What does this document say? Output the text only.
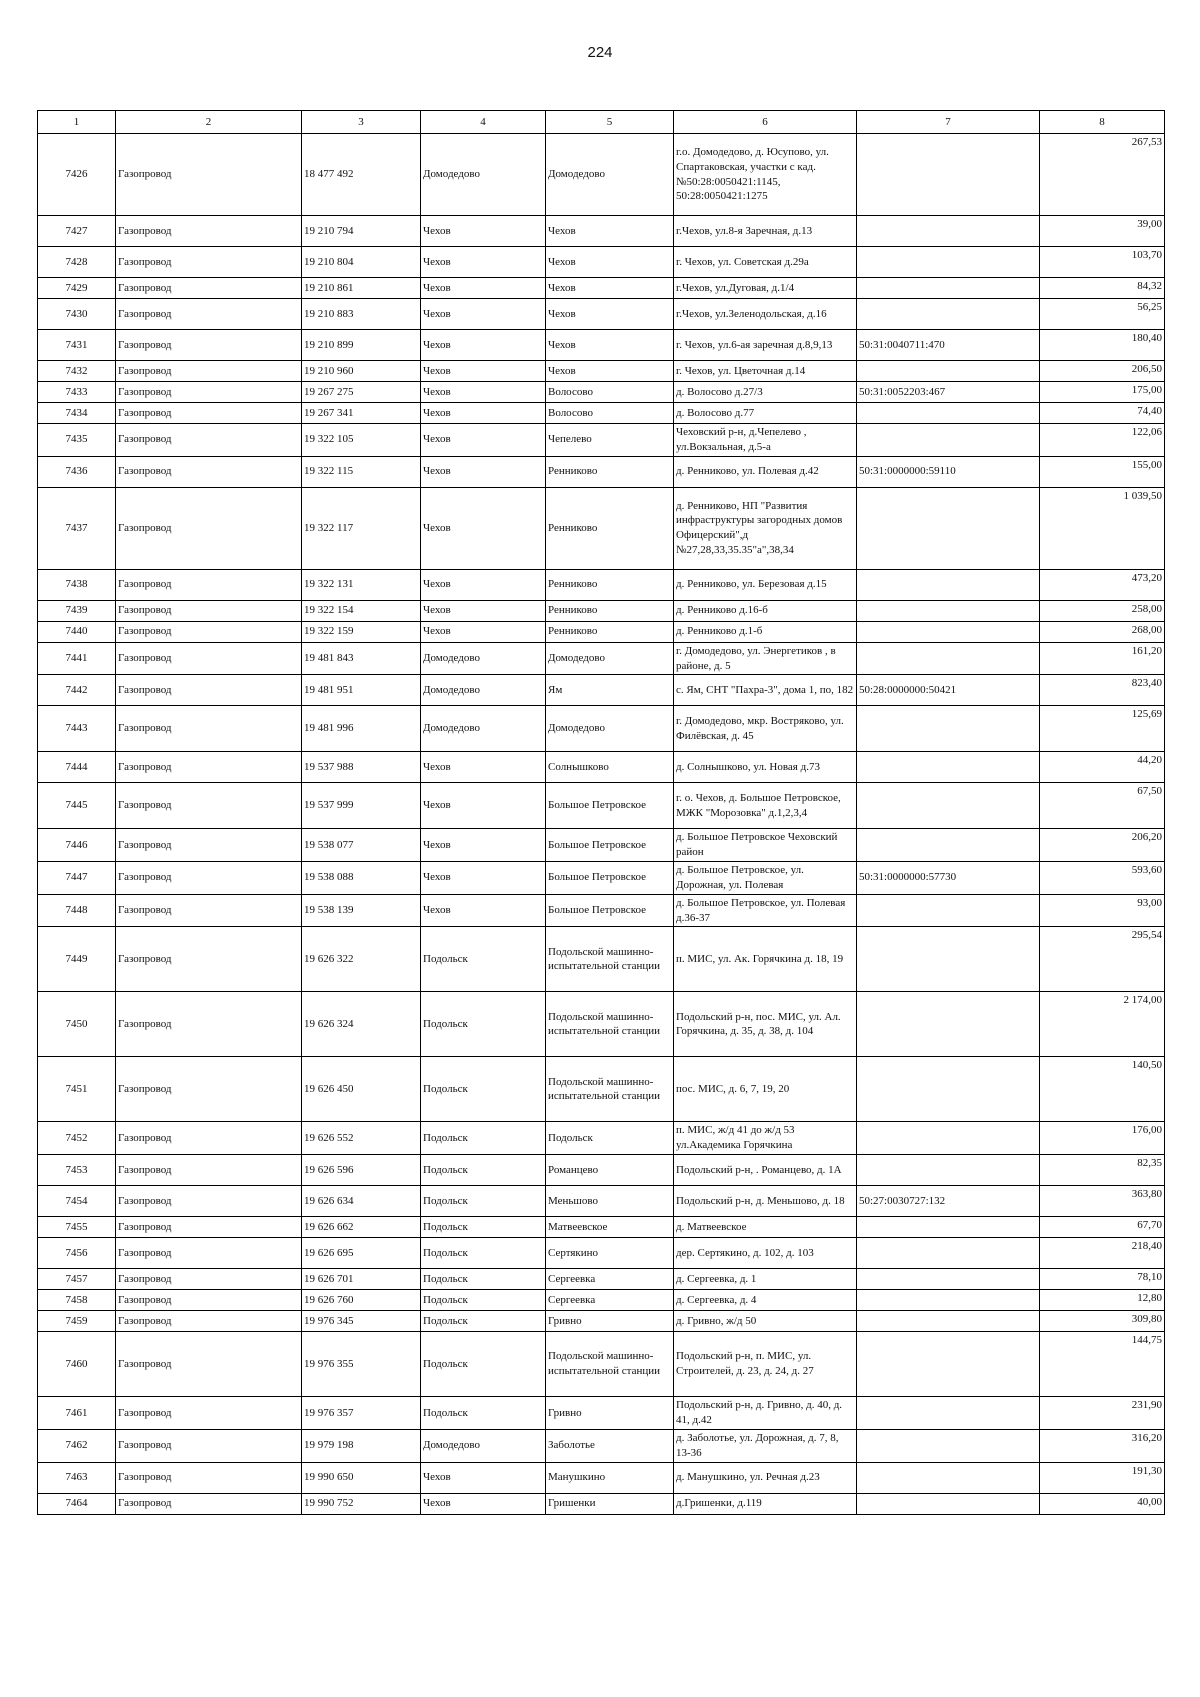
224
1	2	3	4	5	6	7	8
7426	Газопровод	18 477 492	Домодедово	Домодедово	г.о. Домодедово, д. Юсупово, ул. Спартаковская, участки с кад. №50:28:0050421:1145, 50:28:0050421:1275		267,53
7427	Газопровод	19 210 794	Чехов	Чехов	г.Чехов, ул.8-я Заречная, д.13		39,00
7428	Газопровод	19 210 804	Чехов	Чехов	г. Чехов, ул. Советская д.29а		103,70
7429	Газопровод	19 210 861	Чехов	Чехов	г.Чехов, ул.Дуговая, д.1/4		84,32
7430	Газопровод	19 210 883	Чехов	Чехов	г.Чехов, ул.Зеленодольская, д.16		56,25
7431	Газопровод	19 210 899	Чехов	Чехов	г. Чехов, ул.6-ая заречная д.8,9,13	50:31:0040711:470	180,40
7432	Газопровод	19 210 960	Чехов	Чехов	г. Чехов, ул. Цветочная д.14		206,50
7433	Газопровод	19 267 275	Чехов	Волосово	д. Волосово д.27/3	50:31:0052203:467	175,00
7434	Газопровод	19 267 341	Чехов	Волосово	д. Волосово д.77		74,40
7435	Газопровод	19 322 105	Чехов	Чепелево	Чеховский р-н, д.Чепелево , ул.Вокзальная, д.5-а		122,06
7436	Газопровод	19 322 115	Чехов	Ренниково	д. Ренниково, ул. Полевая д.42	50:31:0000000:59110	155,00
7437	Газопровод	19 322 117	Чехов	Ренниково	д. Ренниково, НП "Развития инфраструктуры загородных домов Офицерский",д №27,28,33,35.35"а",38,34		1 039,50
7438	Газопровод	19 322 131	Чехов	Ренниково	д. Ренниково, ул. Березовая д.15		473,20
7439	Газопровод	19 322 154	Чехов	Ренниково	д. Ренниково д.16-б		258,00
7440	Газопровод	19 322 159	Чехов	Ренниково	д. Ренниково д.1-б		268,00
7441	Газопровод	19 481 843	Домодедово	Домодедово	г. Домодедово, ул. Энергетиков , в районе, д. 5		161,20
7442	Газопровод	19 481 951	Домодедово	Ям	с. Ям, СНТ "Пахра-3", дома 1, по, 182	50:28:0000000:50421	823,40
7443	Газопровод	19 481 996	Домодедово	Домодедово	г. Домодедово, мкр. Востряково, ул. Филёвская, д. 45		125,69
7444	Газопровод	19 537 988	Чехов	Солнышково	д. Солнышково, ул. Новая д.73		44,20
7445	Газопровод	19 537 999	Чехов	Большое Петровское	г. о. Чехов, д. Большое Петровское, МЖК "Морозовка" д.1,2,3,4		67,50
7446	Газопровод	19 538 077	Чехов	Большое Петровское	д. Большое Петровское Чеховский район		206,20
7447	Газопровод	19 538 088	Чехов	Большое Петровское	д. Большое Петровское, ул. Дорожная, ул. Полевая	50:31:0000000:57730	593,60
7448	Газопровод	19 538 139	Чехов	Большое Петровское	д. Большое Петровское, ул. Полевая д.36-37		93,00
7449	Газопровод	19 626 322	Подольск	Подольской машинно-испытательной станции	п. МИС, ул. Ак. Горячкина д. 18, 19		295,54
7450	Газопровод	19 626 324	Подольск	Подольской машинно-испытательной станции	Подольский р-н, пос. МИС, ул. Ал. Горячкина, д. 35, д. 38, д. 104		2 174,00
7451	Газопровод	19 626 450	Подольск	Подольской машинно-испытательной станции	пос. МИС, д. 6, 7, 19, 20		140,50
7452	Газопровод	19 626 552	Подольск	Подольск	п. МИС, ж/д 41 до ж/д 53 ул.Академика Горячкина		176,00
7453	Газопровод	19 626 596	Подольск	Романцево	Подольский р-н, . Романцево, д. 1А		82,35
7454	Газопровод	19 626 634	Подольск	Меньшово	Подольский р-н, д. Меньшово, д. 18	50:27:0030727:132	363,80
7455	Газопровод	19 626 662	Подольск	Матвеевское	д. Матвеевское		67,70
7456	Газопровод	19 626 695	Подольск	Сертякино	дер. Сертякино, д. 102, д. 103		218,40
7457	Газопровод	19 626 701	Подольск	Сергеевка	д. Сергеевка, д. 1		78,10
7458	Газопровод	19 626 760	Подольск	Сергеевка	д. Сергеевка, д. 4		12,80
7459	Газопровод	19 976 345	Подольск	Гривно	д. Гривно, ж/д 50		309,80
7460	Газопровод	19 976 355	Подольск	Подольской машинно-испытательной станции	Подольский р-н, п. МИС, ул. Строителей, д. 23, д. 24, д. 27		144,75
7461	Газопровод	19 976 357	Подольск	Гривно	Подольский р-н, д. Гривно, д. 40, д. 41, д.42		231,90
7462	Газопровод	19 979 198	Домодедово	Заболотье	д. Заболотье, ул. Дорожная, д. 7, 8, 13-36		316,20
7463	Газопровод	19 990 650	Чехов	Манушкино	д. Манушкино, ул. Речная д.23		191,30
7464	Газопровод	19 990 752	Чехов	Гришенки	д.Гришенки, д.119		40,00
